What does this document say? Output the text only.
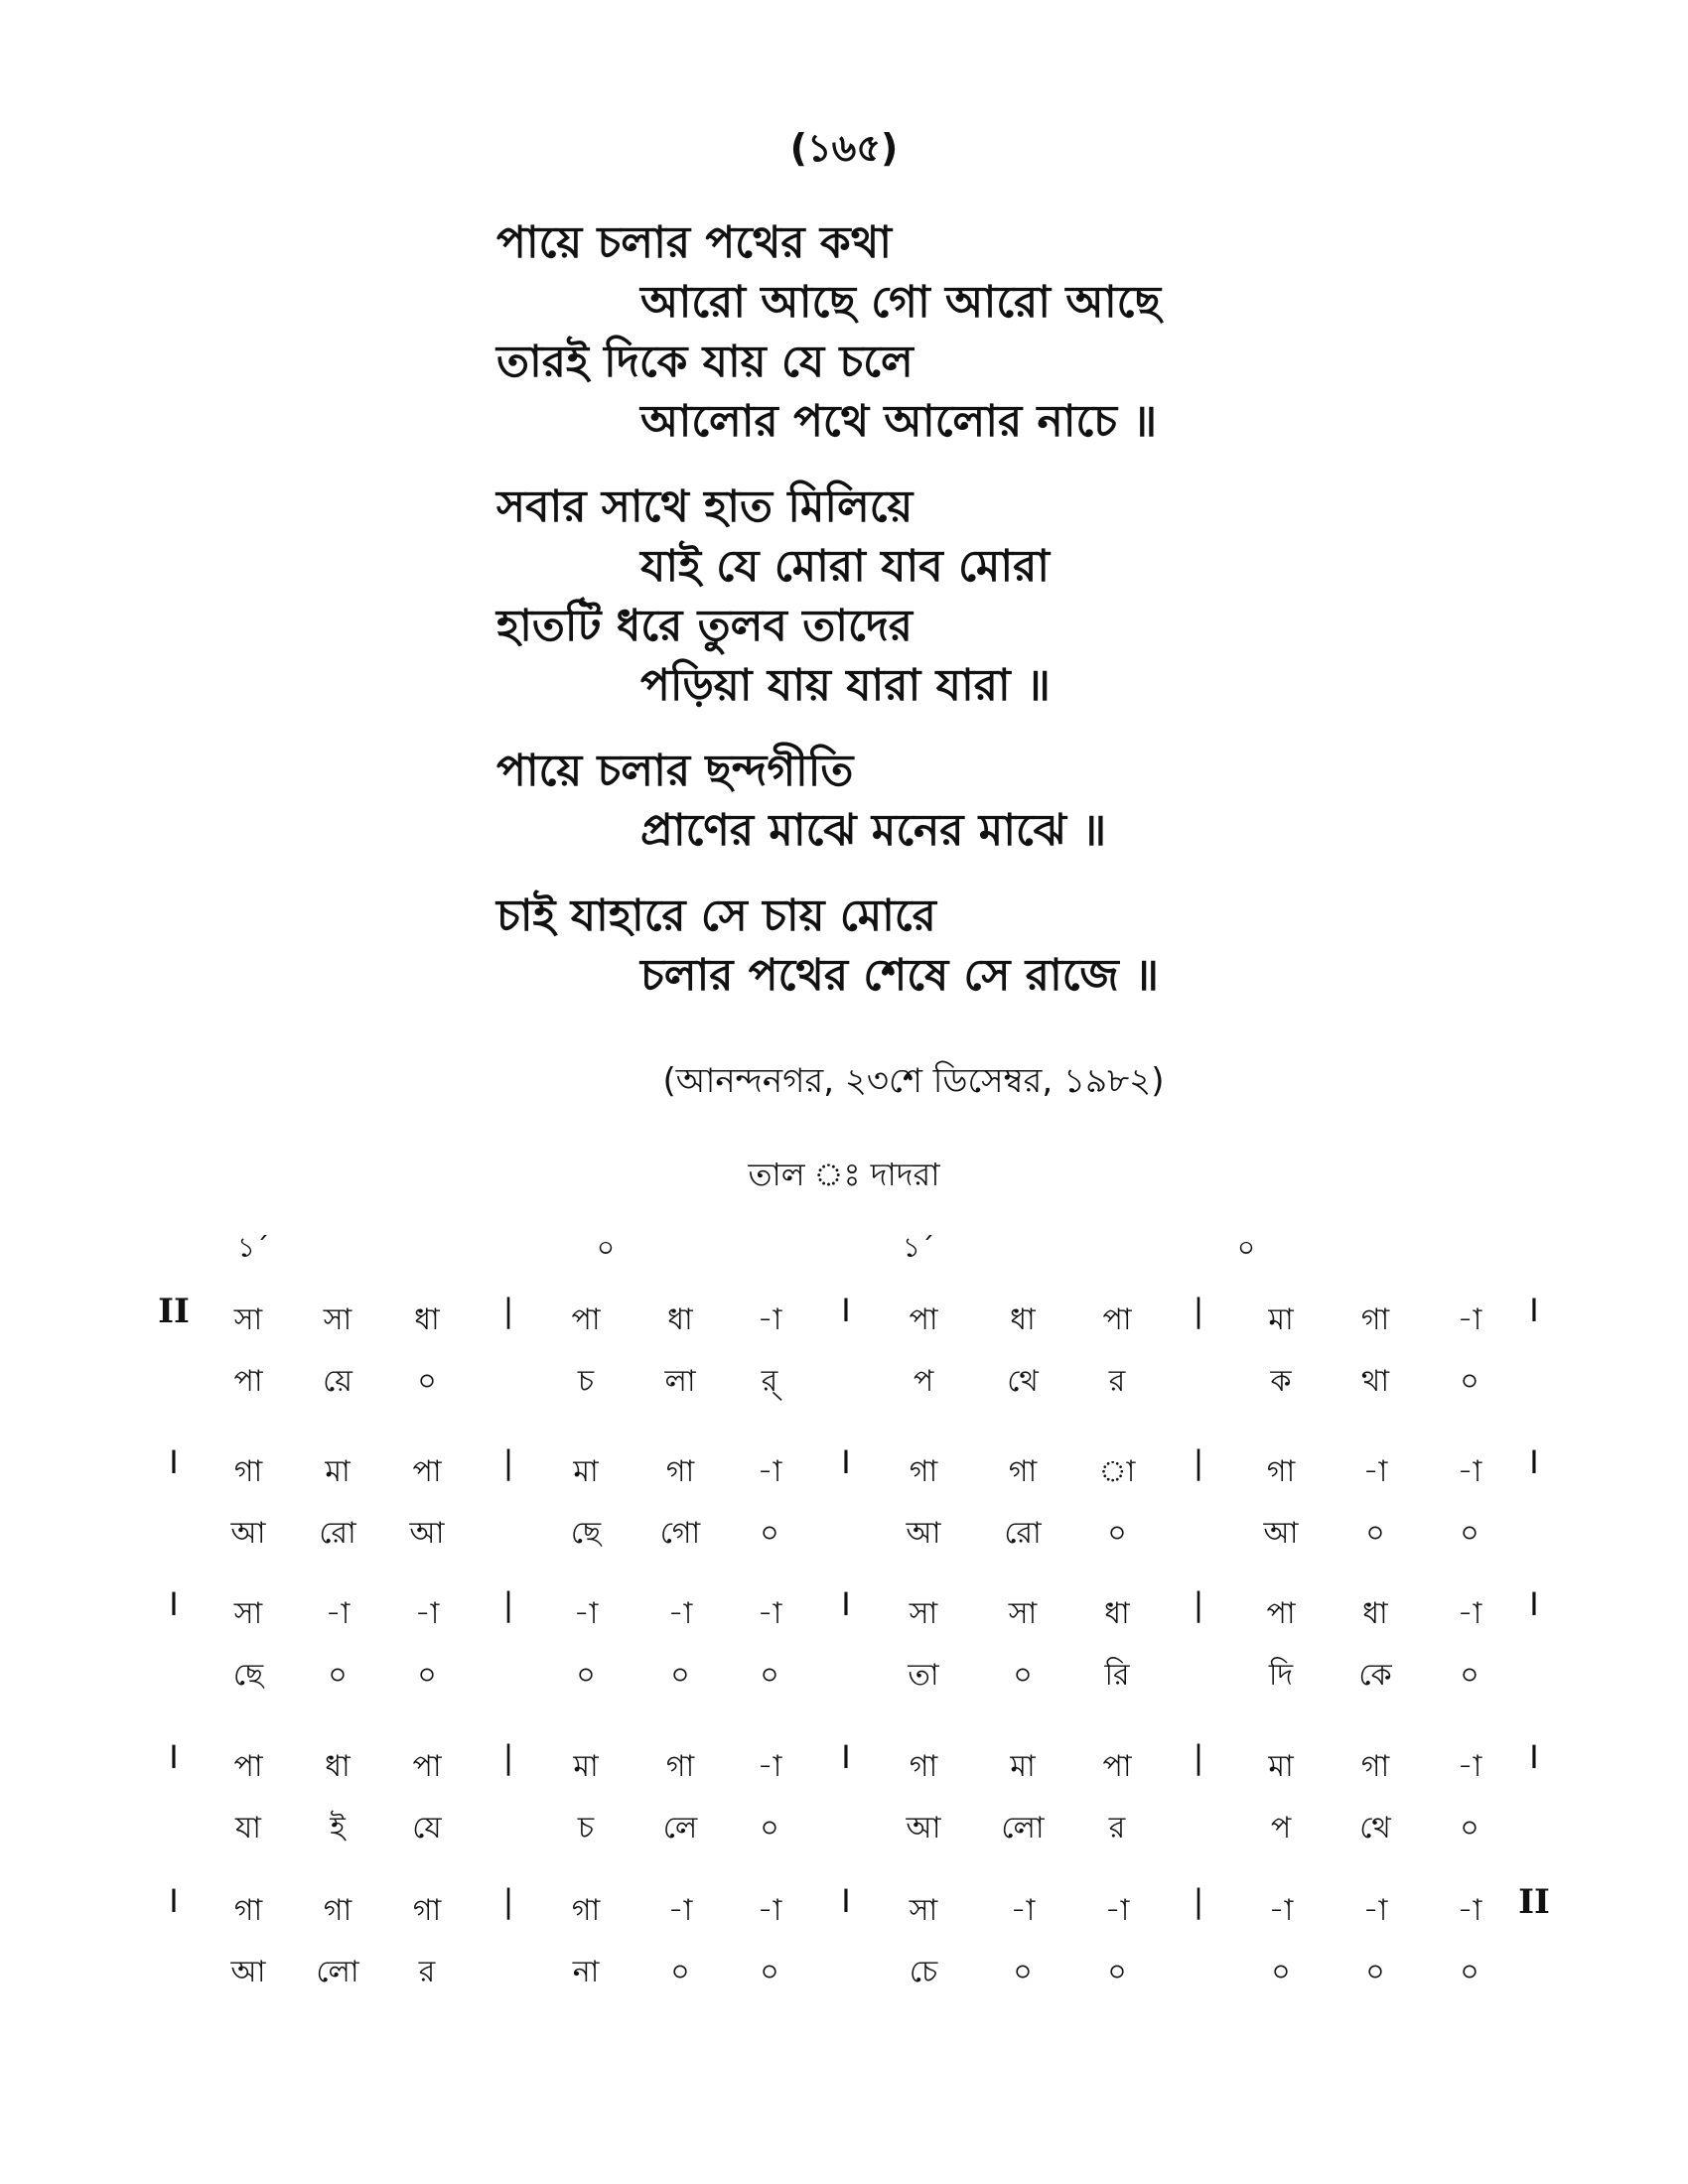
(১৬৫)
পায়ে চলার পথের কথা
আরো আছে গো আরো আছে
তারই দিকে যায় যে চলে
আলোর পথে আলোর নাচে ॥
সবার সাথে হাত মিলিয়ে
যাই যে মোরা যাব মোরা
হাতটি ধরে তুলব তাদের
পড়িয়া যায় যারা যারা ॥
পায়ে চলার ছন্দগীতি
প্রাণের মাঝে মনের মাঝে ॥
চাই যাহারে সে চায় মোরে
চলার পথের শেষে সে রাজে ॥
(আনন্দনগর, ২৩শে ডিসেম্বর, ১৯৮২)
তাল ঃ দাদরা
১´	০	১´	০
II	I
|	I	|
সা	সা	ধা	পা	ধা	-া	পা	ধা	পা	মা	গা	-া
পা	য়ে	০	চ	লা	র্	প	থে	র	ক	থা	০
I	I
|	I	|
গা	মা	পা	মা	গা	-া	গা	গা	া	গা	-া	-া
আ	রো	আ	ছে	গো	০	আ	রো	০	আ	০	০
I	I
|	I	|
সা	-া	-া	-া	-া	-া	সা	সা	ধা	পা	ধা	-া
ছে	০	০	০	০	০	তা	০	রি	দি	কে	০
I	I
|	I	|
পা	ধা	পা	মা	গা	-া	গা	মা	পা	মা	গা	-া
যা	ই	যে	চ	লে	০	আ	লো	র	প	থে	০
I	II
|	I	|
গা	গা	গা	গা	-া	-া	সা	-া	-া	-া	-া	-া
আ	লো	র	না	০	০	চে	০	০	০	০	০
